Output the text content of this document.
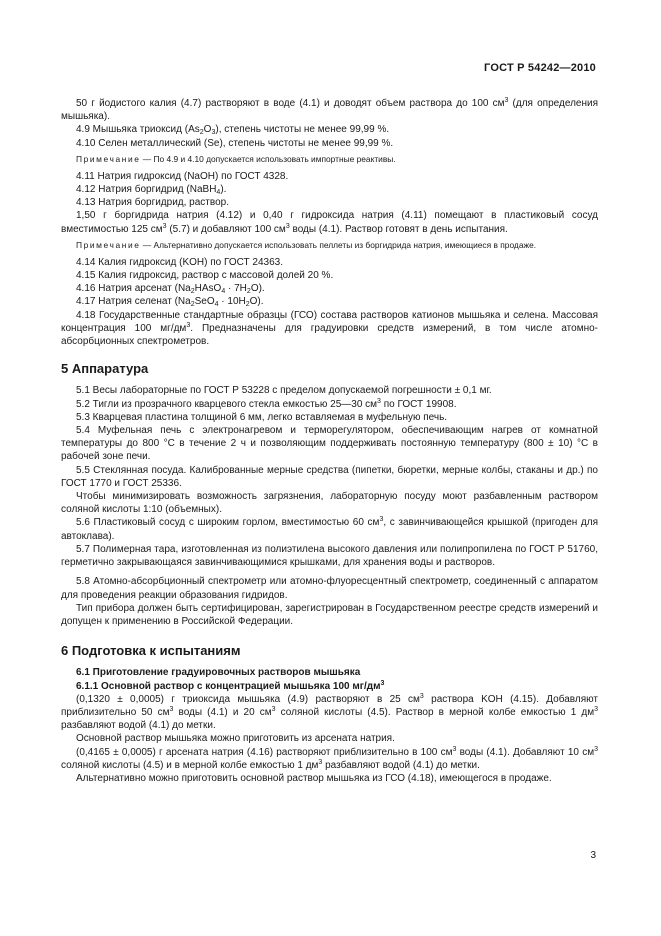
ГОСТ Р 54242—2010

50 г йодистого калия (4.7) растворяют в воде (4.1) и доводят объем раствора до 100 $см^3$ (для определения мышьяка).

4.9 Мышьяка триоксид $(As_2O_3)$, степень чистоты не менее 99,99 %.

4.10 Селен металлический (Se), степень чистоты не менее 99,99 %.

Примечание — По 4.9 и 4.10 допускается использовать импортные реактивы.

4.11 Натрия гидроксид (NaOH) по ГОСТ 4328.

4.12 Натрия боргидрид (NaBH$_4$).

4.13 Натрия боргидрид, раствор.

1,50 г боргидрида натрия (4.12) и 0,40 г гидроксида натрия (4.11) помещают в пластиковый сосуд вместимостью 125 $см^3$ (5.7) и добавляют 100 $см^3$ воды (4.1). Раствор готовят в день испытания.

Примечание — Альтернативно допускается использовать пеллеты из боргидрида натрия, имеющиеся в продаже.

4.14 Калия гидроксид (KOH) по ГОСТ 24363.

4.15 Калия гидроксид, раствор с массовой долей 20 %.

4.16 Натрия арсенат $(Na_2HAsO_4 \cdot 7H_2O)$.

4.17 Натрия селенат $(Na_2SeO_4 \cdot 10H_2O)$.

4.18 Государственные стандартные образцы (ГСО) состава растворов катионов мышьяка и селена. Массовая концентрация 100 $мг/дм^3$. Предназначены для градуировки средств измерений, в том числе атомно-абсорбционных спектрометров.

5 Аппаратура

5.1 Весы лабораторные по ГОСТ Р 53228 с пределом допускаемой погрешности ± 0,1 мг.

5.2 Тигли из прозрачного кварцевого стекла емкостью 25—30 $см^3$ по ГОСТ 19908.

5.3 Кварцевая пластина толщиной 6 мм, легко вставляемая в муфельную печь.

5.4 Муфельная печь с электронагревом и терморегулятором, обеспечивающим нагрев от комнатной температуры до 800 °С в течение 2 ч и позволяющим поддерживать постоянную температуру (800 ± 10) °С в рабочей зоне печи.

5.5 Стеклянная посуда. Калиброванные мерные средства (пипетки, бюретки, мерные колбы, стаканы и др.) по ГОСТ 1770 и ГОСТ 25336.

Чтобы минимизировать возможность загрязнения, лабораторную посуду моют разбавленным раствором соляной кислоты 1:10 (объемных).

5.6 Пластиковый сосуд с широким горлом, вместимостью 60 $см^3$, с завинчивающейся крышкой (пригоден для автоклава).

5.7 Полимерная тара, изготовленная из полиэтилена высокого давления или полипропилена по ГОСТ Р 51760, герметично закрывающаяся завинчивающимися крышками, для хранения воды и растворов.

5.8 Атомно-абсорбционный спектрометр или атомно-флуоресцентный спектрометр, соединенный с аппаратом для проведения реакции образования гидридов.

Тип прибора должен быть сертифицирован, зарегистрирован в Государственном реестре средств измерений и допущен к применению в Российской Федерации.

6 Подготовка к испытаниям

6.1 Приготовление градуировочных растворов мышьяка

6.1.1 Основной раствор с концентрацией мышьяка 100 $мг/дм^3$

(0,1320 ± 0,0005) г триоксида мышьяка (4.9) растворяют в 25 $см^3$ раствора KOH (4.15). Добавляют приблизительно 50 $см^3$ воды (4.1) и 20 $см^3$ соляной кислоты (4.5). Раствор в мерной колбе емкостью 1 $дм^3$ разбавляют водой (4.1) до метки.

Основной раствор мышьяка можно приготовить из арсената натрия.

(0,4165 ± 0,0005) г арсената натрия (4.16) растворяют приблизительно в 100 $см^3$ воды (4.1). Добавляют 10 $см^3$ соляной кислоты (4.5) и в мерной колбе емкостью 1 $дм^3$ разбавляют водой (4.1) до метки.

Альтернативно можно приготовить основной раствор мышьяка из ГСО (4.18), имеющегося в продаже.

3
